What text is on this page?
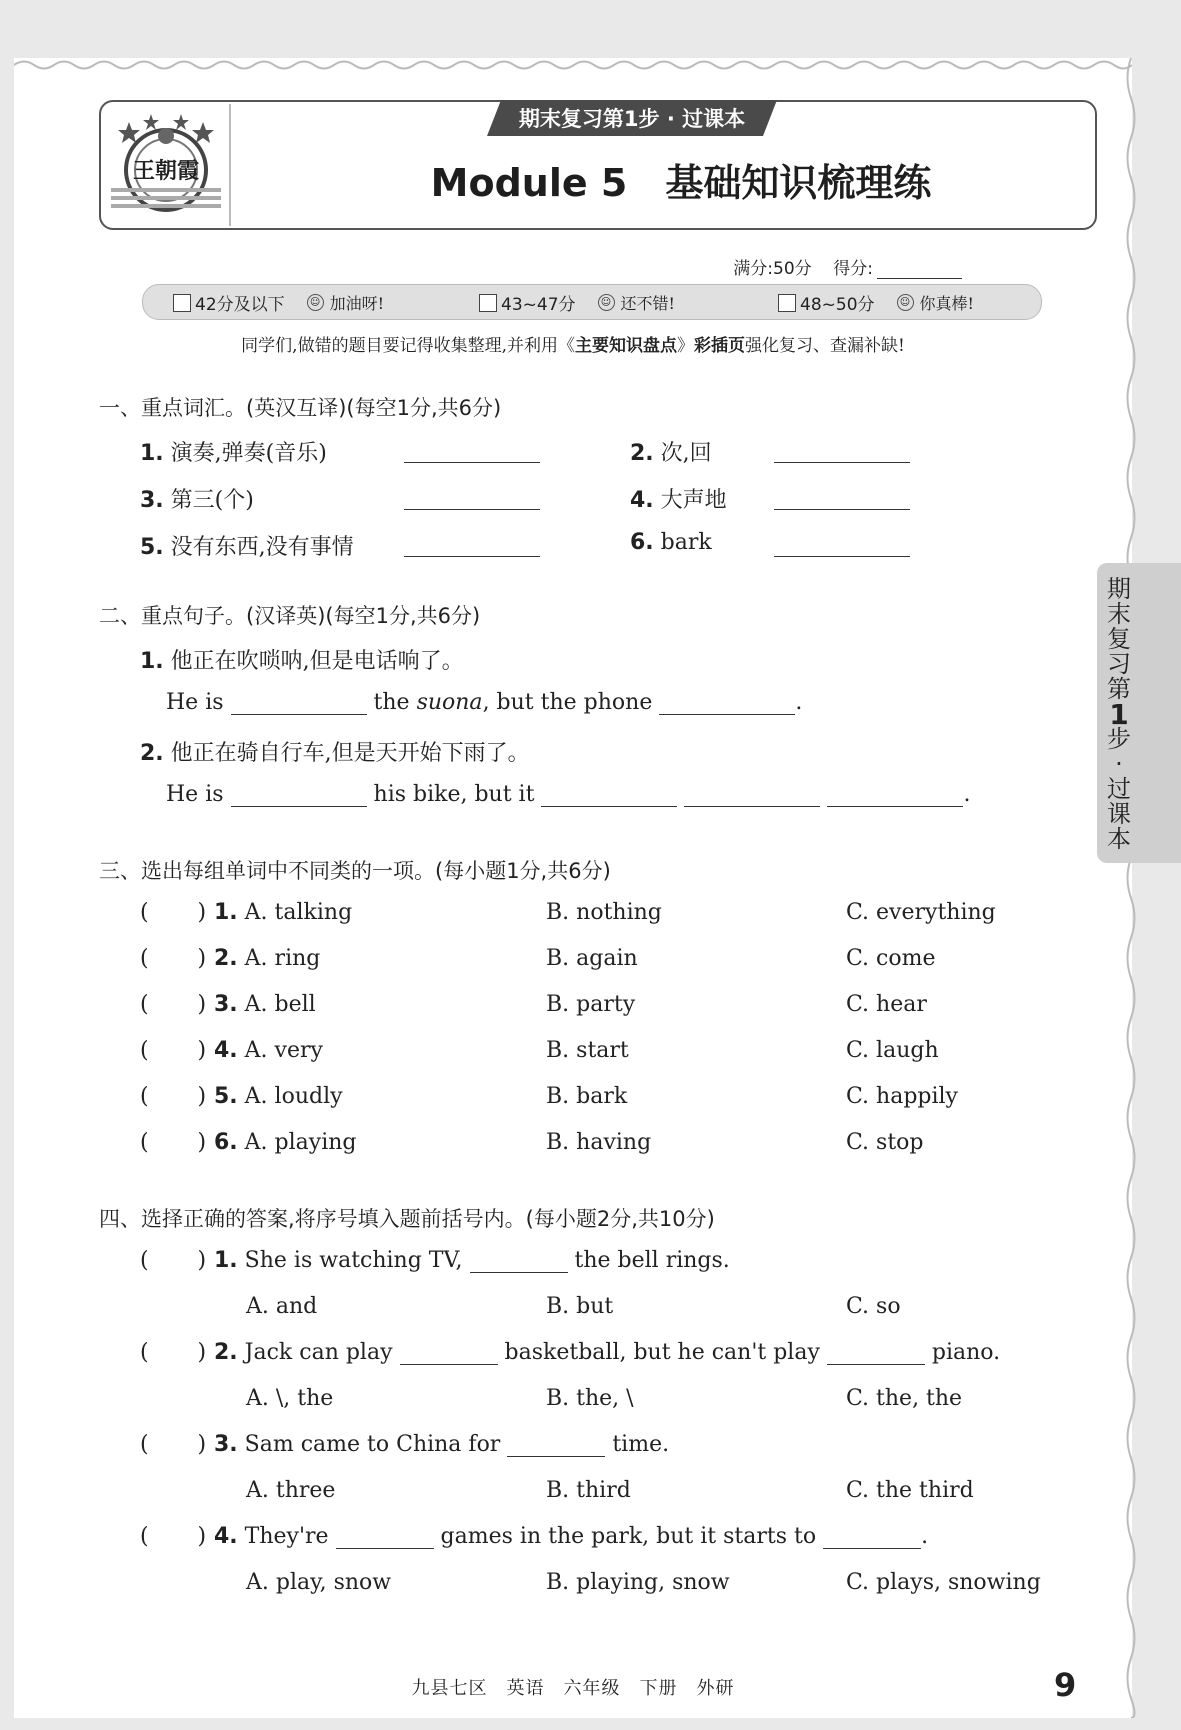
王朝霞
期末复习第1步 · 过课本
Module 5　基础知识梳理练
满分:50分 得分:
42分及以下	☺ 加油呀!	43~47分	☺ 还不错!	48~50分	☺ 你真棒!
同学们,做错的题目要记得收集整理,并利用《主要知识盘点》彩插页强化复习、查漏补缺!
一、重点词汇。(英汉互译)(每空1分,共6分)
1. 演奏,弹奏(音乐)	2. 次,回
3. 第三(个)	4. 大声地
5. 没有东西,没有事情	6. bark
二、重点句子。(汉译英)(每空1分,共6分)
1. 他正在吹唢呐,但是电话响了。
He is	the suona, but the phone	.
2. 他正在骑自行车,但是天开始下雨了。
He is	his bike, but it	.
三、选出每组单词中不同类的一项。(每小题1分,共6分)
(       ) 1. A. talking	B. nothing	C. everything
(       ) 2. A. ring	B. again	C. come
(       ) 3. A. bell	B. party	C. hear
(       ) 4. A. very	B. start	C. laugh
(       ) 5. A. loudly	B. bark	C. happily
(       ) 6. A. playing	B. having	C. stop
四、选择正确的答案,将序号填入题前括号内。(每小题2分,共10分)
(       ) 1. She is watching TV,	the bell rings.
A. and	B. but	C. so
(       ) 2. Jack can play	basketball, but he can't play	piano.
A. \, the	B. the, \	C. the, the
(       ) 3. Sam came to China for	time.
A. three	B. third	C. the third
(       ) 4. They're	games in the park, but it starts to	.
A. play, snow	B. playing, snow	C. plays, snowing
九县七区　英语　六年级　下册　外研	9
期
末
复
习
第
1
步
·
过
课
本
